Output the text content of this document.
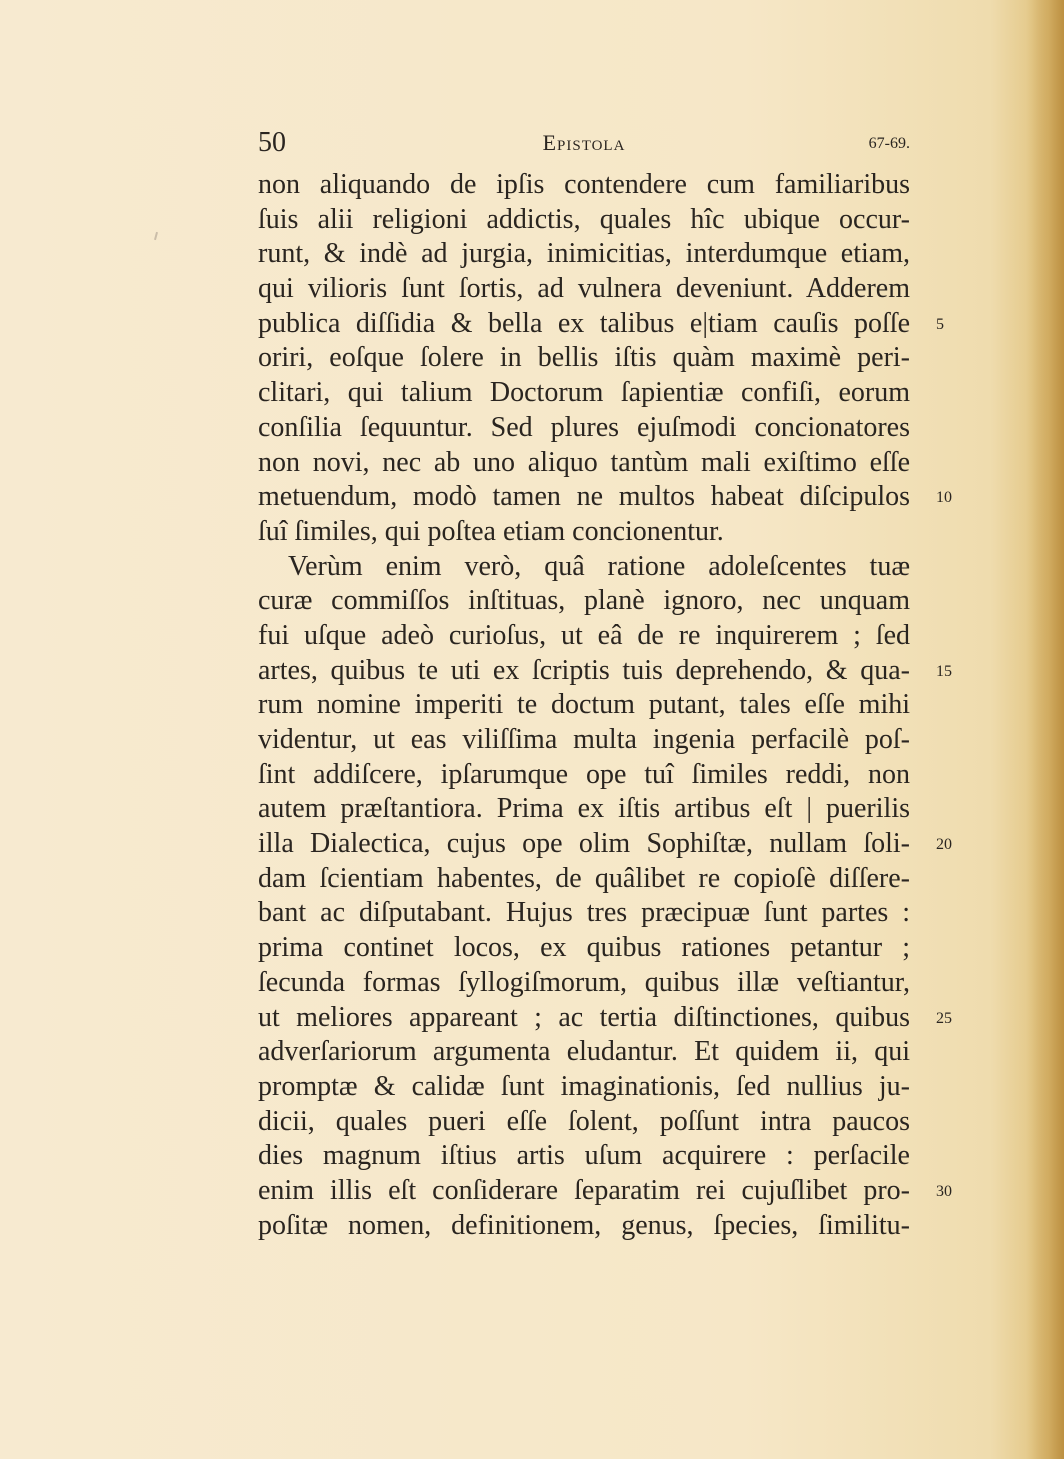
50	Epistola	67-69.
non aliquando de ipſis contendere cum familiaribus
ſuis alii religioni addictis, quales hîc ubique occur-
runt, & indè ad jurgia, inimicitias, interdumque etiam,
qui vilioris ſunt ſortis, ad vulnera deveniunt. Adderem
publica diſſidia & bella ex talibus e|tiam cauſis poſſe
oriri, eoſque ſolere in bellis iſtis quàm maximè peri-
clitari, qui talium Doctorum ſapientiæ confiſi, eorum
conſilia ſequuntur. Sed plures ejuſmodi concionatores
non novi, nec ab uno aliquo tantùm mali exiſtimo eſſe
metuendum, modò tamen ne multos habeat diſcipulos
ſuî ſimiles, qui poſtea etiam concionentur.
Verùm enim verò, quâ ratione adoleſcentes tuæ
curæ commiſſos inſtituas, planè ignoro, nec unquam
fui uſque adeò curioſus, ut eâ de re inquirerem ; ſed
artes, quibus te uti ex ſcriptis tuis deprehendo, & qua-
rum nomine imperiti te doctum putant, tales eſſe mihi
videntur, ut eas viliſſima multa ingenia perfacilè poſ-
ſint addiſcere, ipſarumque ope tuî ſimiles reddi, non
autem præſtantiora. Prima ex iſtis artibus eſt | puerilis
illa Dialectica, cujus ope olim Sophiſtæ, nullam ſoli-
dam ſcientiam habentes, de quâlibet re copioſè diſſere-
bant ac diſputabant. Hujus tres præcipuæ ſunt partes :
prima continet locos, ex quibus rationes petantur ;
ſecunda formas ſyllogiſmorum, quibus illæ veſtiantur,
ut meliores appareant ; ac tertia diſtinctiones, quibus
adverſariorum argumenta eludantur. Et quidem ii, qui
promptæ & calidæ ſunt imaginationis, ſed nullius ju-
dicii, quales pueri eſſe ſolent, poſſunt intra paucos
dies magnum iſtius artis uſum acquirere : perſacile
enim illis eſt conſiderare ſeparatim rei cujuſlibet pro-
poſitæ nomen, definitionem, genus, ſpecies, ſimilitu-
5
10
15
20
25
30
